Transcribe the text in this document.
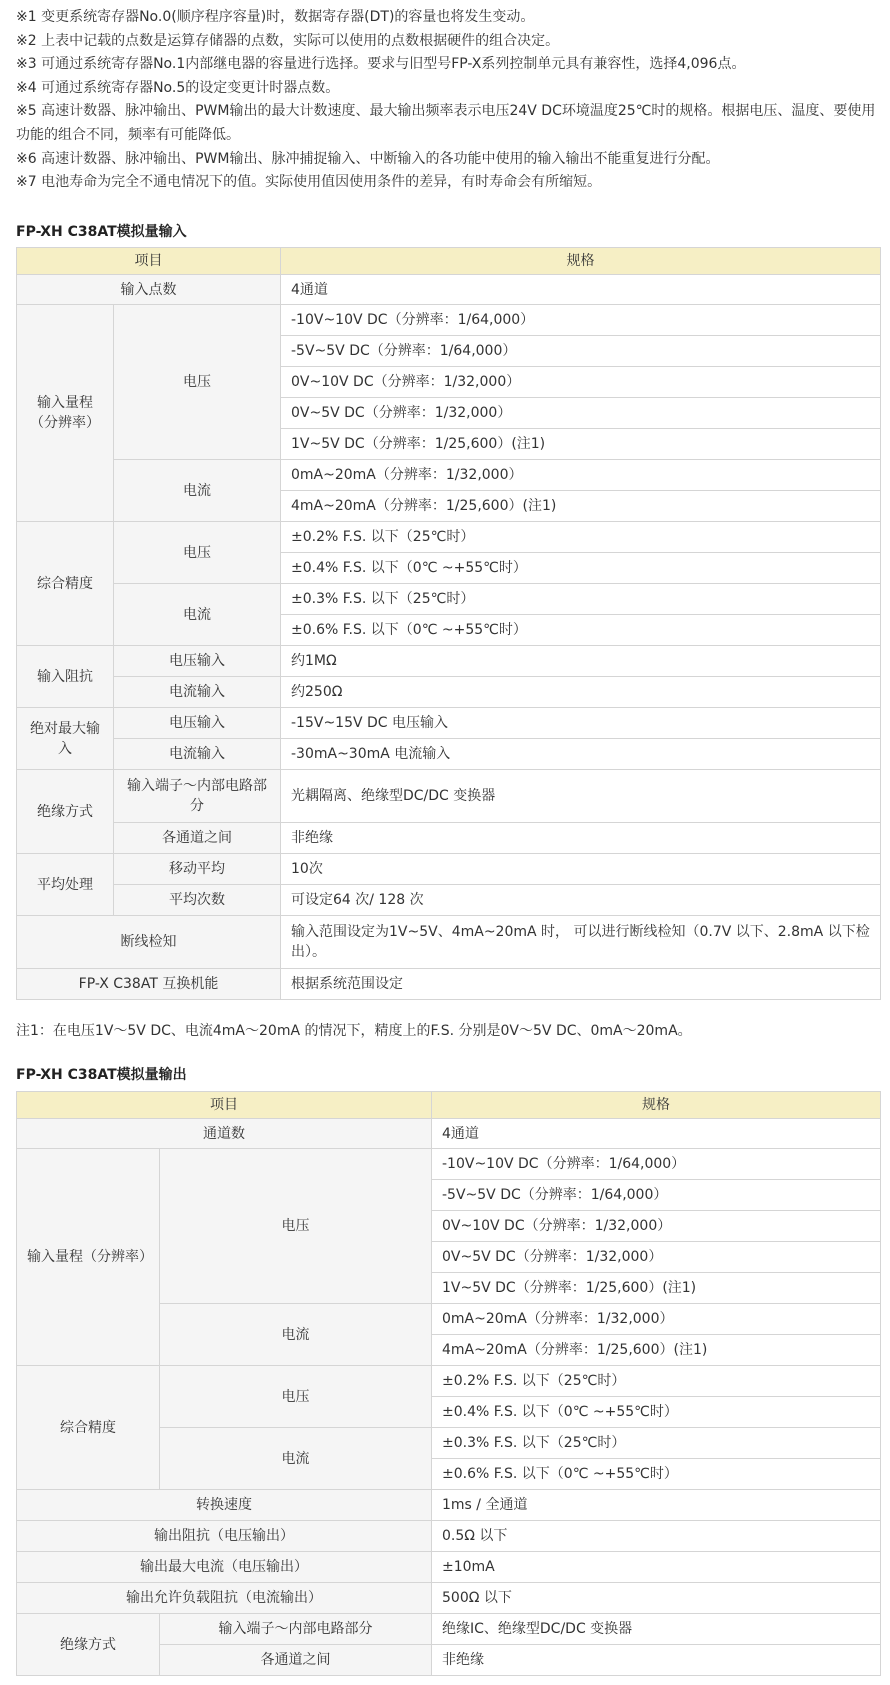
※1 变更系统寄存器No.0(顺序程序容量)时，数据寄存器(DT)的容量也将发生变动。

※2 上表中记载的点数是运算存储器的点数，实际可以使用的点数根据硬件的组合决定。

※3 可通过系统寄存器No.1内部继电器的容量进行选择。要求与旧型号FP-X系列控制单元具有兼容性，选择4,096点。

※4 可通过系统寄存器No.5的设定变更计时器点数。

※5 高速计数器、脉冲输出、PWM输出的最大计数速度、最大输出频率表示电压24V DC环境温度25℃时的规格。根据电压、温度、要使用功能的组合不同，频率有可能降低。

※6 高速计数器、脉冲输出、PWM输出、脉冲捕捉输入、中断输入的各功能中使用的输入输出不能重复进行分配。

※7 电池寿命为完全不通电情况下的值。实际使用值因使用条件的差异，有时寿命会有所缩短。

FP-XH C38AT模拟量输入
项目		规格
输入点数		4通道
输入量程（分辨率）	电压	-10V~10V DC（分辨率：1/64,000）
		-5V~5V DC（分辨率：1/64,000）
		0V~10V DC（分辨率：1/32,000）
		0V~5V DC（分辨率：1/32,000）
		1V~5V DC（分辨率：1/25,600）(注1)
	电流	0mA~20mA（分辨率：1/32,000）
		4mA~20mA（分辨率：1/25,600）(注1)
综合精度	电压	±0.2% F.S. 以下（25℃时）
		±0.4% F.S. 以下（0℃ ~+55℃时）
	电流	±0.3% F.S. 以下（25℃时）
		±0.6% F.S. 以下（0℃ ~+55℃时）
输入阻抗	电压输入	约1MΩ
	电流输入	约250Ω
绝对最大输入	电压输入	-15V~15V DC 电压输入
	电流输入	-30mA~30mA 电流输入
绝缘方式	输入端子～内部电路部分	光耦隔离、绝缘型DC/DC 变换器
	各通道之间	非绝缘
平均处理	移动平均	10次
	平均次数	可设定64 次/ 128 次
断线检知		输入范围设定为1V~5V、4mA~20mA 时， 可以进行断线检知（0.7V 以下、2.8mA 以下检出）。
FP-X C38AT 互换机能		根据系统范围设定

注1：在电压1V～5V DC、电流4mA～20mA 的情况下，精度上的F.S. 分别是0V～5V DC、0mA～20mA。

FP-XH C38AT模拟量输出
项目		规格
通道数		4通道
输入量程（分辨率）	电压	-10V~10V DC（分辨率：1/64,000）
		-5V~5V DC（分辨率：1/64,000）
		0V~10V DC（分辨率：1/32,000）
		0V~5V DC（分辨率：1/32,000）
		1V~5V DC（分辨率：1/25,600）(注1)
	电流	0mA~20mA（分辨率：1/32,000）
		4mA~20mA（分辨率：1/25,600）(注1)
综合精度	电压	±0.2% F.S. 以下（25℃时）
		±0.4% F.S. 以下（0℃ ~+55℃时）
	电流	±0.3% F.S. 以下（25℃时）
		±0.6% F.S. 以下（0℃ ~+55℃时）
转换速度		1ms / 全通道
输出阻抗（电压输出）		0.5Ω 以下
输出最大电流（电压输出）		±10mA
输出允许负载阻抗（电流输出）		500Ω 以下
绝缘方式	输入端子～内部电路部分	绝缘IC、绝缘型DC/DC 变换器
	各通道之间	非绝缘
